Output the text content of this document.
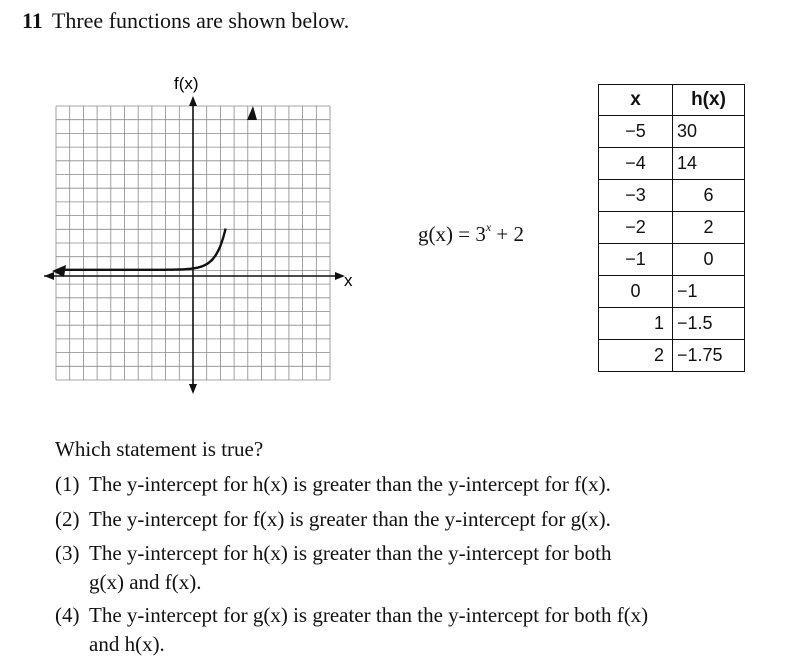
11 Three functions are shown below.
f(x)
x
$g(x) = 3^x + 2$
x	h(x)
−5	30
−4	14
−3	6
−2	2
−1	0
0	−1
1	−1.5
2	−1.75
Which statement is true?
(1) The y-intercept for h(x) is greater than the y-intercept for f(x).
(2) The y-intercept for f(x) is greater than the y-intercept for g(x).
(3) The y-intercept for h(x) is greater than the y-intercept for both
g(x) and f(x).
(4) The y-intercept for g(x) is greater than the y-intercept for both f(x)
and h(x).
